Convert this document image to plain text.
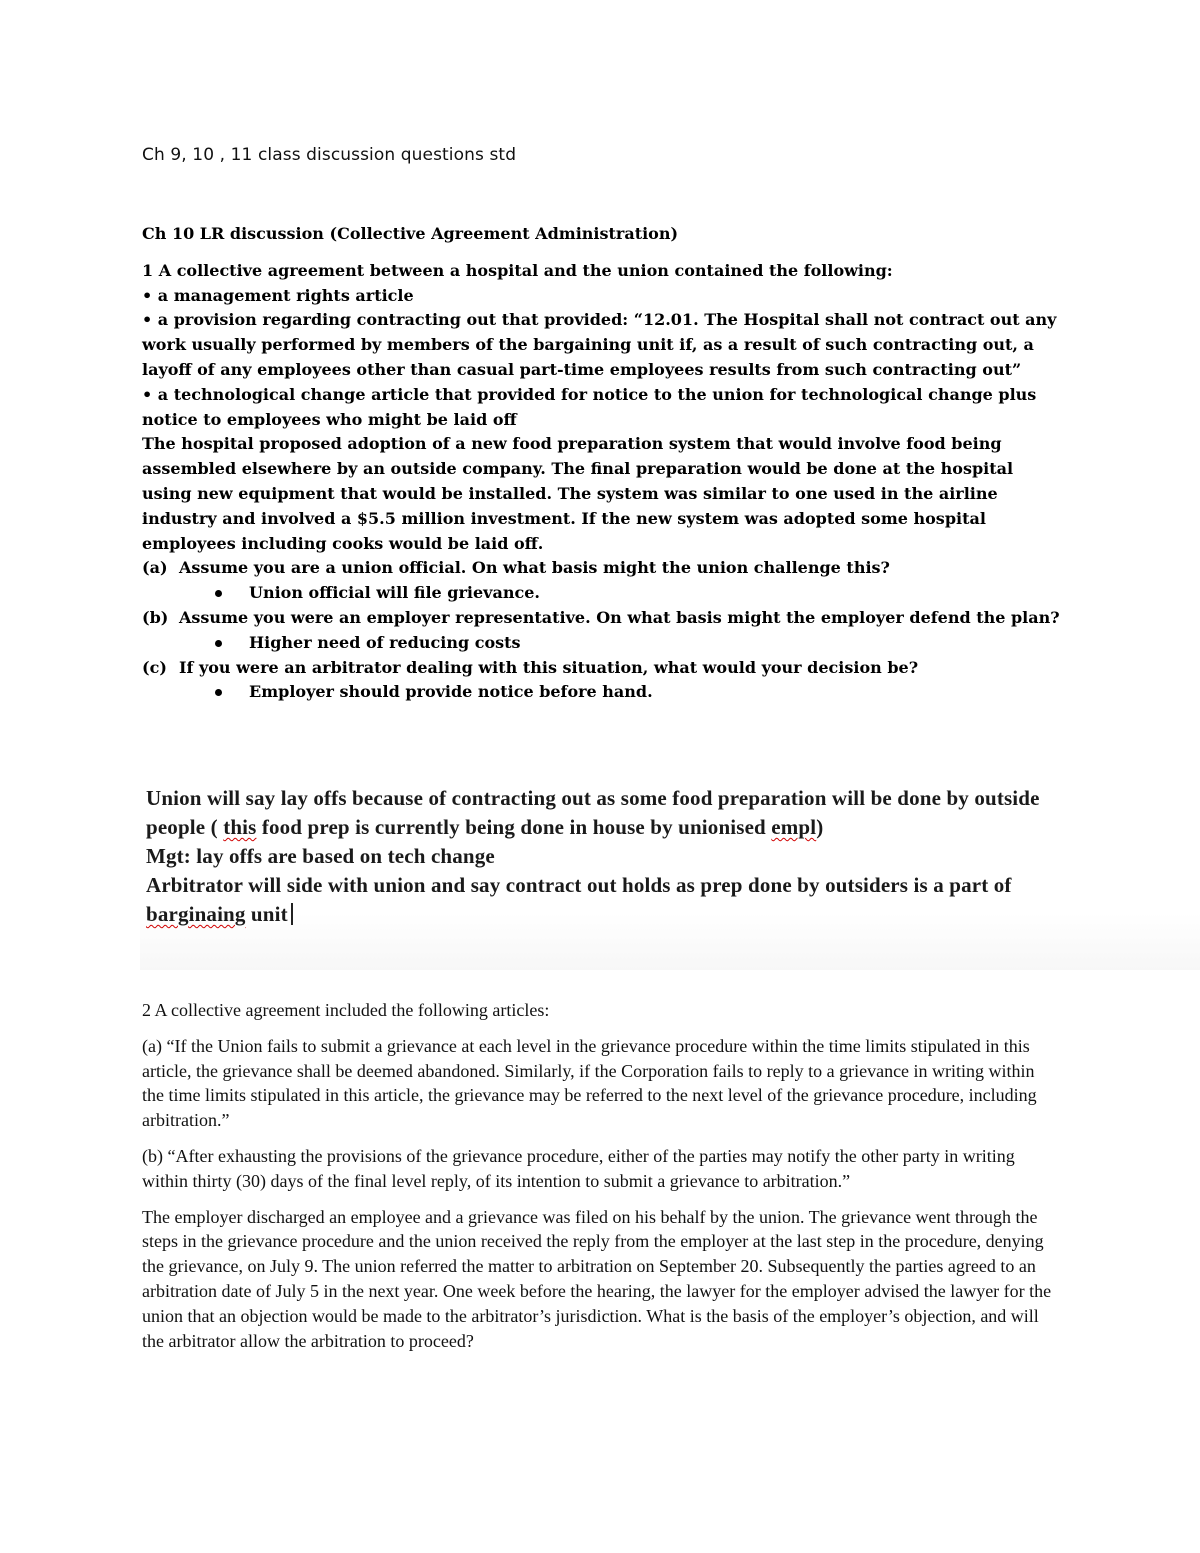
Ch 9, 10 , 11 class discussion questions std

Ch 10 LR discussion (Collective Agreement Administration)

1 A collective agreement between a hospital and the union contained the following:

• a management rights article

• a provision regarding contracting out that provided: “12.01. The Hospital shall not contract out any work usually performed by members of the bargaining unit if, as a result of such contracting out, a layoff of any employees other than casual part-time employees results from such contracting out”

• a technological change article that provided for notice to the union for technological change plus notice to employees who might be laid off

The hospital proposed adoption of a new food preparation system that would involve food being assembled elsewhere by an outside company. The final preparation would be done at the hospital using new equipment that would be installed. The system was similar to one used in the airline industry and involved a $5.5 million investment. If the new system was adopted some hospital employees including cooks would be laid off.

(a) Assume you are a union official. On what basis might the union challenge this?

Union official will file grievance.

(b) Assume you were an employer representative. On what basis might the employer defend the plan?

Higher need of reducing costs

(c) If you were an arbitrator dealing with this situation, what would your decision be?

Employer should provide notice before hand.

Union will say lay offs because of contracting out as some food preparation will be done by outside

people ( this food prep is currently being done in house by unionised empl)

Mgt: lay offs are based on tech change

Arbitrator will side with union and say contract out holds as prep done by outsiders is a part of

barginaing unit

2 A collective agreement included the following articles:

(a) “If the Union fails to submit a grievance at each level in the grievance procedure within the time limits stipulated in this article, the grievance shall be deemed abandoned. Similarly, if the Corporation fails to reply to a grievance in writing within the time limits stipulated in this article, the grievance may be referred to the next level of the grievance procedure, including arbitration.”

(b) “After exhausting the provisions of the grievance procedure, either of the parties may notify the other party in writing within thirty (30) days of the final level reply, of its intention to submit a grievance to arbitration.”

The employer discharged an employee and a grievance was filed on his behalf by the union. The grievance went through the steps in the grievance procedure and the union received the reply from the employer at the last step in the procedure, denying the grievance, on July 9. The union referred the matter to arbitration on September 20. Subsequently the parties agreed to an arbitration date of July 5 in the next year. One week before the hearing, the lawyer for the employer advised the lawyer for the union that an objection would be made to the arbitrator’s jurisdiction. What is the basis of the employer’s objection, and will the arbitrator allow the arbitration to proceed?
